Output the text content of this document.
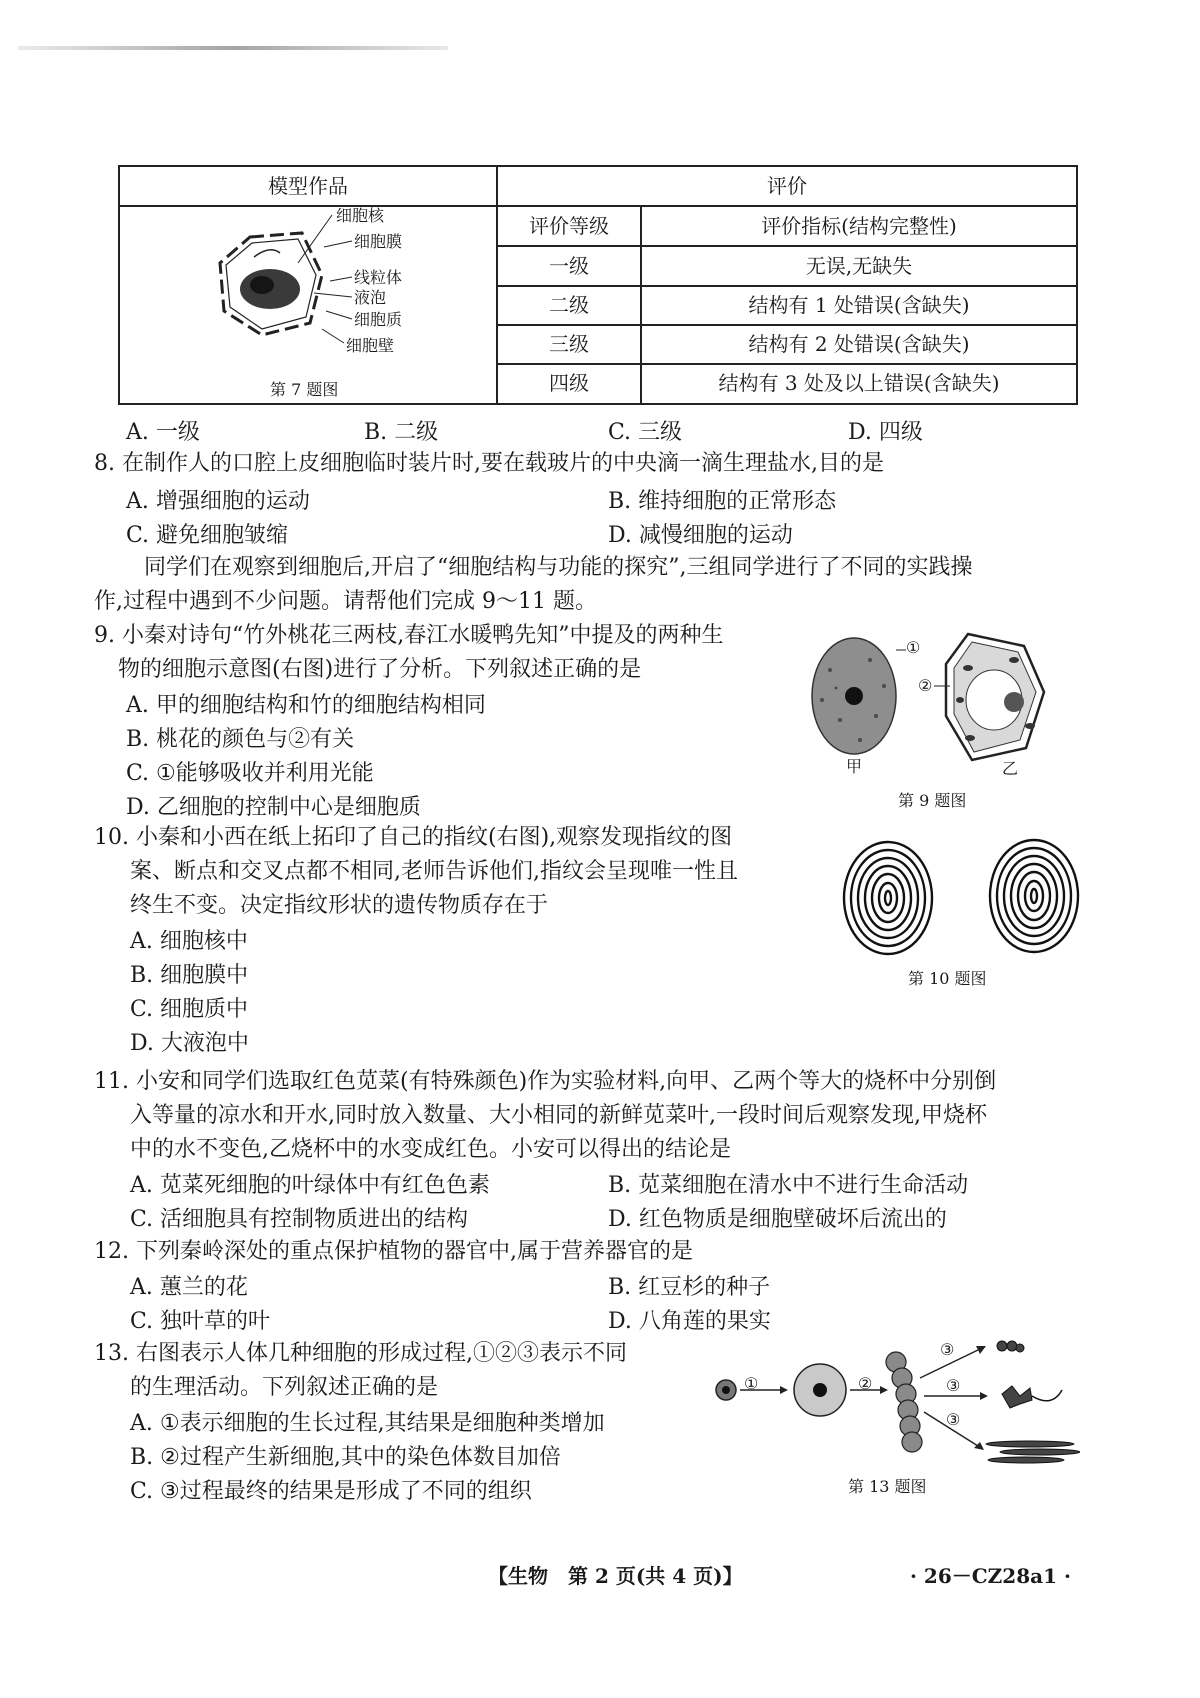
模型作品	评价
评价等级	评价指标(结构完整性)
一级	无误,无缺失
二级	结构有 1 处错误(含缺失)
三级	结构有 2 处错误(含缺失)
四级	结构有 3 处及以上错误(含缺失)
细胞核
细胞膜
线粒体
液泡
细胞质
细胞壁
第 7 题图
A. 一级	B. 二级	C. 三级	D. 四级
8. 在制作人的口腔上皮细胞临时装片时,要在载玻片的中央滴一滴生理盐水,目的是
A. 增强细胞的运动	B. 维持细胞的正常形态
C. 避免细胞皱缩	D. 减慢细胞的运动
同学们在观察到细胞后,开启了“细胞结构与功能的探究”,三组同学进行了不同的实践操
作,过程中遇到不少问题。请帮他们完成 9～11 题。
9. 小秦对诗句“竹外桃花三两枝,春江水暖鸭先知”中提及的两种生
物的细胞示意图(右图)进行了分析。下列叙述正确的是
A. 甲的细胞结构和竹的细胞结构相同
B. 桃花的颜色与②有关
C. ①能够吸收并利用光能
D. 乙细胞的控制中心是细胞质
①
②
甲	乙
第 9 题图
10. 小秦和小西在纸上拓印了自己的指纹(右图),观察发现指纹的图
案、断点和交叉点都不相同,老师告诉他们,指纹会呈现唯一性且
终生不变。决定指纹形状的遗传物质存在于
A. 细胞核中
B. 细胞膜中
C. 细胞质中
D. 大液泡中
第 10 题图
11. 小安和同学们选取红色苋菜(有特殊颜色)作为实验材料,向甲、乙两个等大的烧杯中分别倒
入等量的凉水和开水,同时放入数量、大小相同的新鲜苋菜叶,一段时间后观察发现,甲烧杯
中的水不变色,乙烧杯中的水变成红色。小安可以得出的结论是
A. 苋菜死细胞的叶绿体中有红色色素	B. 苋菜细胞在清水中不进行生命活动
C. 活细胞具有控制物质进出的结构	D. 红色物质是细胞壁破坏后流出的
12. 下列秦岭深处的重点保护植物的器官中,属于营养器官的是
A. 蕙兰的花	B. 红豆杉的种子
C. 独叶草的叶	D. 八角莲的果实
13. 右图表示人体几种细胞的形成过程,①②③表示不同
的生理活动。下列叙述正确的是
A. ①表示细胞的生长过程,其结果是细胞种类增加
B. ②过程产生新细胞,其中的染色体数目加倍
C. ③过程最终的结果是形成了不同的组织
①	②
③
③
③
第 13 题图
【生物　第 2 页(共 4 页)】	· 26－CZ28a1 ·
